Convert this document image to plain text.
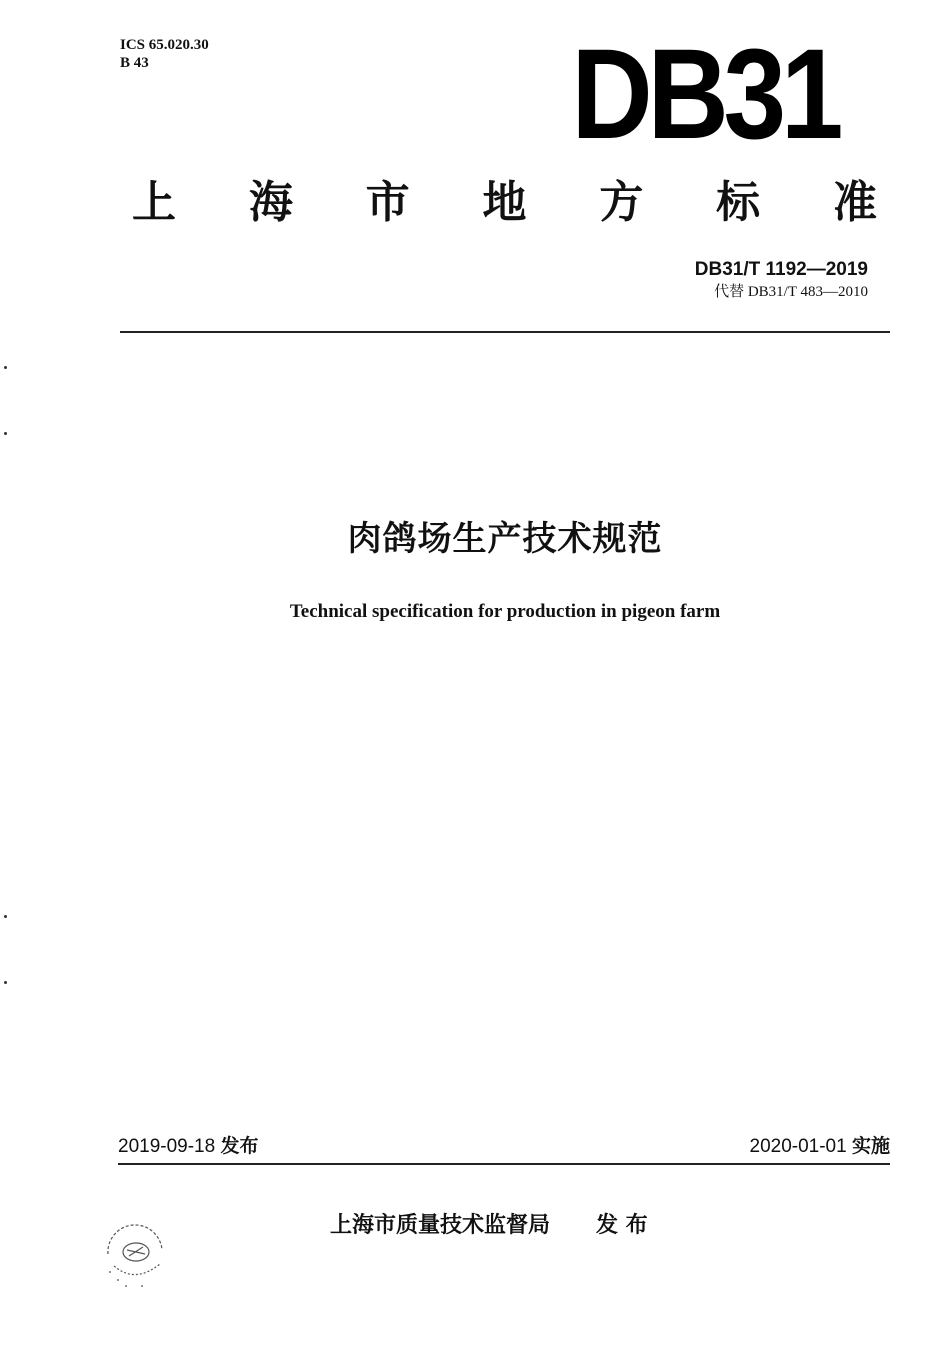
ICS 65.020.30
B 43	DB31
上 海 市 地 方 标 准
DB31/T 1192—2019
代替 DB31/T 483—2010
肉鸽场生产技术规范
Technical specification for production in pigeon farm
2019-09-18 发布	2020-01-01 实施
上海市质量技术监督局 发 布
